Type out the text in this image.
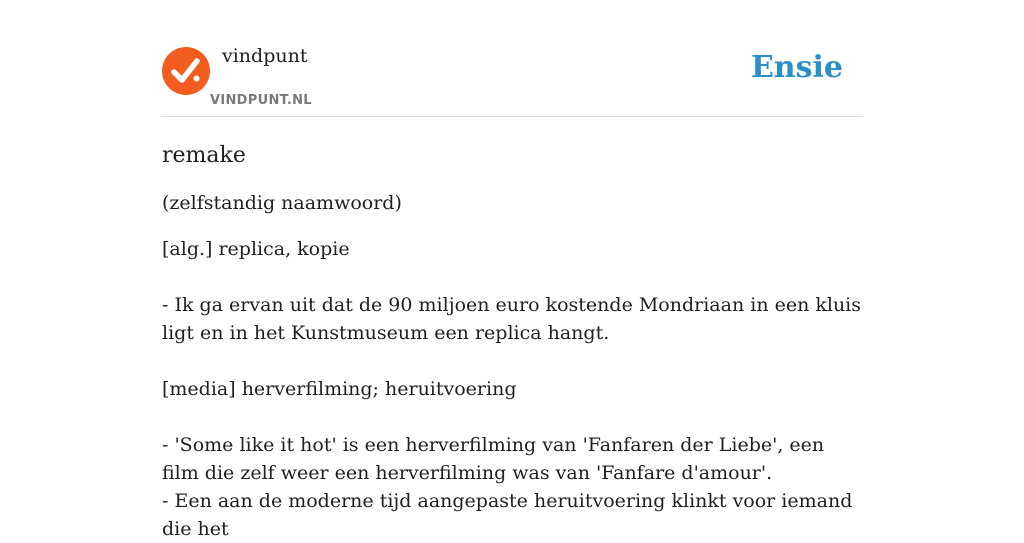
vindpunt
VINDPUNT.NL
Ensie
remake

(zelfstandig naamwoord)

[alg.] replica, kopie

- Ik ga ervan uit dat de 90 miljoen euro kostende Mondriaan in een kluis ligt en in het Kunstmuseum een replica hangt.

[media] herverfilming; heruitvoering

- 'Some like it hot' is een herverfilming van 'Fanfaren der Liebe', een film die zelf weer een herverfilming was van 'Fanfare d'amour'.

- Een aan de moderne tijd aangepaste heruitvoering klinkt voor iemand die het
